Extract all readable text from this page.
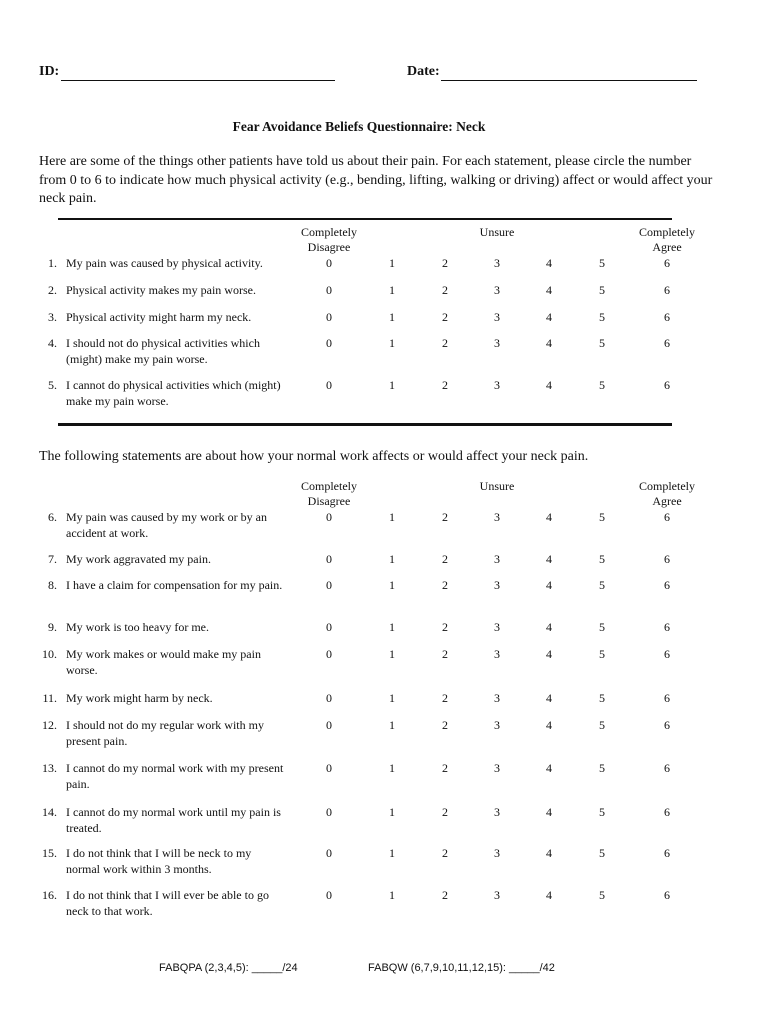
ID:	Date:
Fear Avoidance Beliefs Questionnaire: Neck
Here are some of the things other patients have told us about their pain. For each statement, please circle the number from 0 to 6 to indicate how much physical activity (e.g., bending, lifting, walking or driving) affect or would affect your neck pain.
Completely
Disagree
Unsure	Completely
Agree
1. My pain was caused by physical activity.	0	1	2	3	4	5	6
2. Physical activity makes my pain worse.	0	1	2	3	4	5	6
3. Physical activity might harm my neck.	0	1	2	3	4	5	6
4. I should not do physical activities which (might) make my pain worse.
0	1	2	3	4	5	6
5. I cannot do physical activities which (might) make my pain worse.
0	1	2	3	4	5	6
The following statements are about how your normal work affects or would affect your neck pain.
Completely
Disagree
Unsure	Completely
Agree
6. My pain was caused by my work or by an accident at work.
0	1	2	3	4	5	6
7. My work aggravated my pain.	0	1	2	3	4	5	6
8. I have a claim for compensation for my pain.	0	1	2	3	4	5	6
9. My work is too heavy for me.	0	1	2	3	4	5	6
10. My work makes or would make my pain worse.
0	1	2	3	4	5	6
11. My work might harm by neck.	0	1	2	3	4	5	6
12. I should not do my regular work with my present pain.
0	1	2	3	4	5	6
13. I cannot do my normal work with my present pain.
0	1	2	3	4	5	6
14. I cannot do my normal work until my pain is treated.
0	1	2	3	4	5	6
15. I do not think that I will be neck to my normal work within 3 months.
0	1	2	3	4	5	6
16. I do not think that I will ever be able to go neck to that work.
0	1	2	3	4	5	6
FABQPA (2,3,4,5): _____/24	FABQW (6,7,9,10,11,12,15): _____/42
